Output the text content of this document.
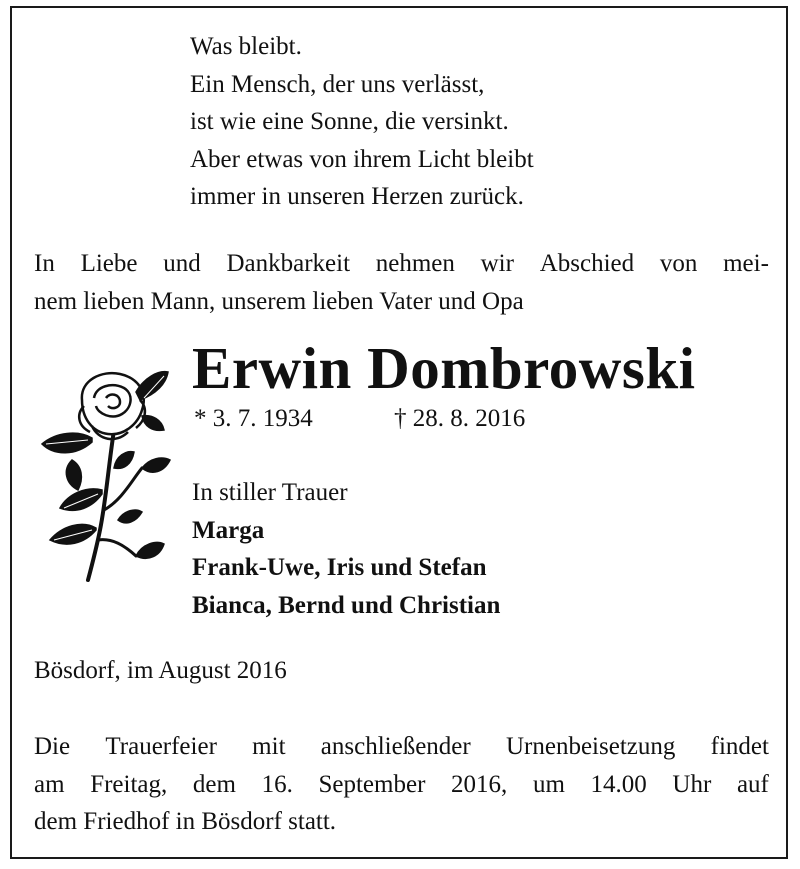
Was bleibt.
Ein Mensch, der uns verlässt,
ist wie eine Sonne, die versinkt.
Aber etwas von ihrem Licht bleibt
immer in unseren Herzen zurück.
In Liebe und Dankbarkeit nehmen wir Abschied von mei-
nem lieben Mann, unserem lieben Vater und Opa
Erwin Dombrowski
* 3. 7. 1934	† 28. 8. 2016
In stiller Trauer
Marga
Frank-Uwe, Iris und Stefan
Bianca, Bernd und Christian
Bösdorf, im August 2016
Die Trauerfeier mit anschließender Urnenbeisetzung findet
am Freitag, dem 16. September 2016, um 14.00 Uhr auf
dem Friedhof in Bösdorf statt.
